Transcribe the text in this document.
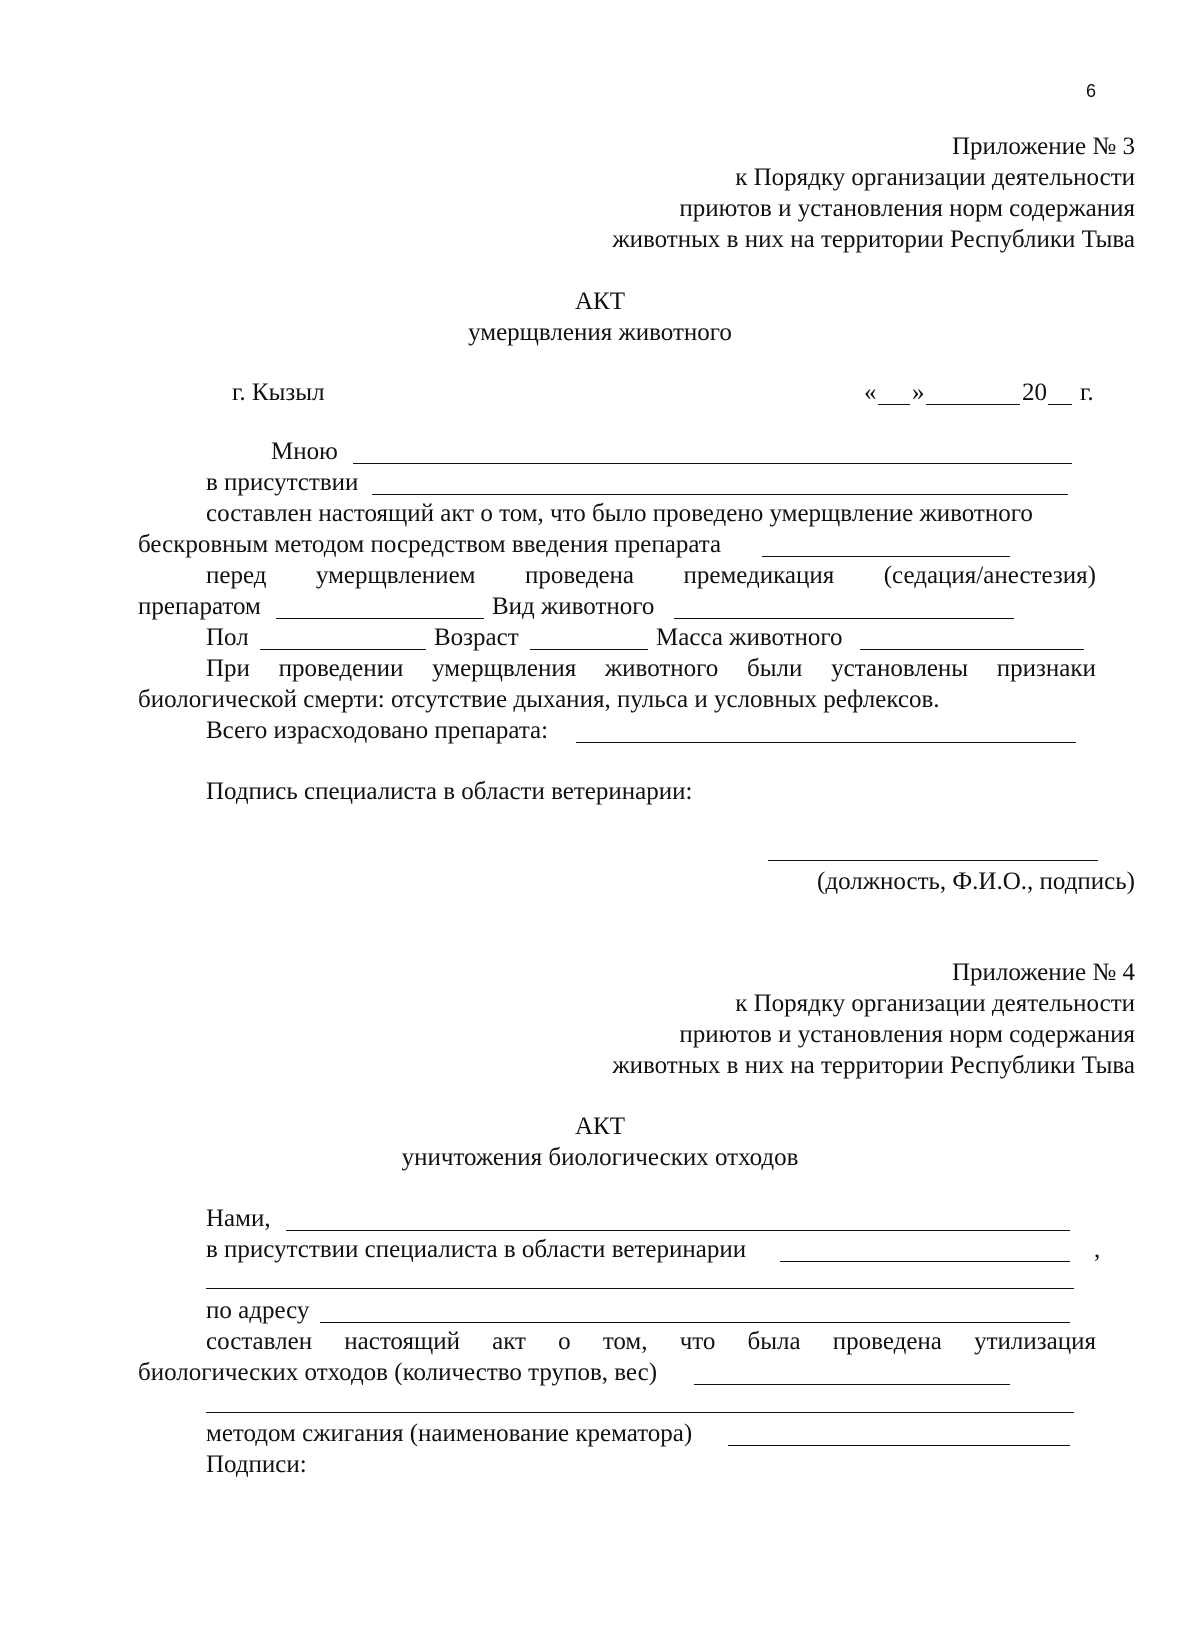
6
Приложение № 3
к Порядку организации деятельности
приютов и установления норм содержания
животных в них на территории Республики Тыва
АКТ
умерщвления животного
г. Кызыл	« »	20 г.
Мною
в присутствии
составлен настоящий акт о том, что было проведено умерщвление животного
бескровным методом посредством введения препарата
перед умерщвлением проведена премедикация (седация/анестезия)
препаратом	Вид животного
Пол	Возраст	Масса животного
При проведении умерщвления животного были установлены признаки
биологической смерти: отсутствие дыхания, пульса и условных рефлексов.
Всего израсходовано препарата:
Подпись специалиста в области ветеринарии:
(должность, Ф.И.О., подпись)
Приложение № 4
к Порядку организации деятельности
приютов и установления норм содержания
животных в них на территории Республики Тыва
АКТ
уничтожения биологических отходов
Нами,
в присутствии специалиста в области ветеринарии	,
по адресу
составлен настоящий акт о том, что была проведена утилизация
биологических отходов (количество трупов, вес)
методом сжигания (наименование крематора)
Подписи:
